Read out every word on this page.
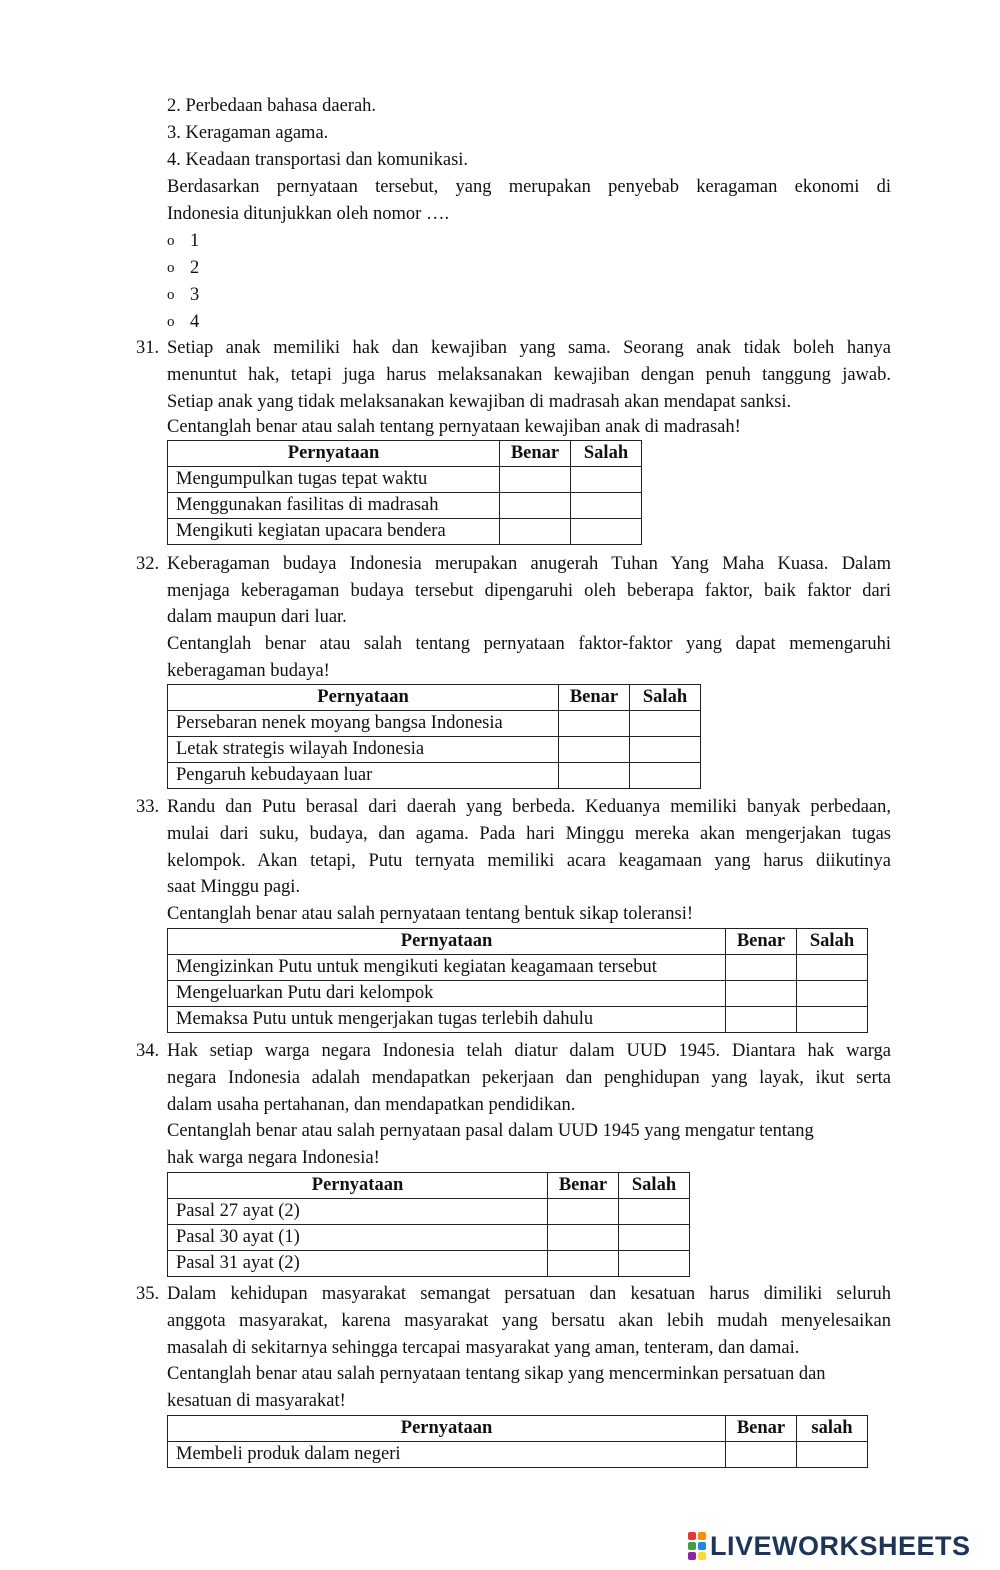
2. Perbedaan bahasa daerah.
3. Keragaman agama.
4. Keadaan transportasi dan komunikasi.
Berdasarkan pernyataan tersebut, yang merupakan penyebab keragaman ekonomi di
Indonesia ditunjukkan oleh nomor ….
o 1
o 2
o 3
o 4
31. Setiap anak memiliki hak dan kewajiban yang sama. Seorang anak tidak boleh hanya
menuntut hak, tetapi juga harus melaksanakan kewajiban dengan penuh tanggung jawab.
Setiap anak yang tidak melaksanakan kewajiban di madrasah akan mendapat sanksi.
Centanglah benar atau salah tentang pernyataan kewajiban anak di madrasah!
Pernyataan	Benar	Salah
Mengumpulkan tugas tepat waktu		
Menggunakan fasilitas di madrasah		
Mengikuti kegiatan upacara bendera		
32. Keberagaman budaya Indonesia merupakan anugerah Tuhan Yang Maha Kuasa. Dalam
menjaga keberagaman budaya tersebut dipengaruhi oleh beberapa faktor, baik faktor dari
dalam maupun dari luar.
Centanglah benar atau salah tentang pernyataan faktor-faktor yang dapat memengaruhi
keberagaman budaya!
Pernyataan	Benar	Salah
Persebaran nenek moyang bangsa Indonesia		
Letak strategis wilayah Indonesia		
Pengaruh kebudayaan luar		
33. Randu dan Putu berasal dari daerah yang berbeda. Keduanya memiliki banyak perbedaan,
mulai dari suku, budaya, dan agama. Pada hari Minggu mereka akan mengerjakan tugas
kelompok. Akan tetapi, Putu ternyata memiliki acara keagamaan yang harus diikutinya
saat Minggu pagi.
Centanglah benar atau salah pernyataan tentang bentuk sikap toleransi!
Pernyataan	Benar	Salah
Mengizinkan Putu untuk mengikuti kegiatan keagamaan tersebut		
Mengeluarkan Putu dari kelompok		
Memaksa Putu untuk mengerjakan tugas terlebih dahulu		
34. Hak setiap warga negara Indonesia telah diatur dalam UUD 1945. Diantara hak warga
negara Indonesia adalah mendapatkan pekerjaan dan penghidupan yang layak, ikut serta
dalam usaha pertahanan, dan mendapatkan pendidikan.
Centanglah benar atau salah pernyataan pasal dalam UUD 1945 yang mengatur tentang
hak warga negara Indonesia!
Pernyataan	Benar	Salah
Pasal 27 ayat (2)		
Pasal 30 ayat (1)		
Pasal 31 ayat (2)		
35. Dalam kehidupan masyarakat semangat persatuan dan kesatuan harus dimiliki seluruh
anggota masyarakat, karena masyarakat yang bersatu akan lebih mudah menyelesaikan
masalah di sekitarnya sehingga tercapai masyarakat yang aman, tenteram, dan damai.
Centanglah benar atau salah pernyataan tentang sikap yang mencerminkan persatuan dan
kesatuan di masyarakat!
Pernyataan	Benar	salah
Membeli produk dalam negeri		
LIVEWORKSHEETS
